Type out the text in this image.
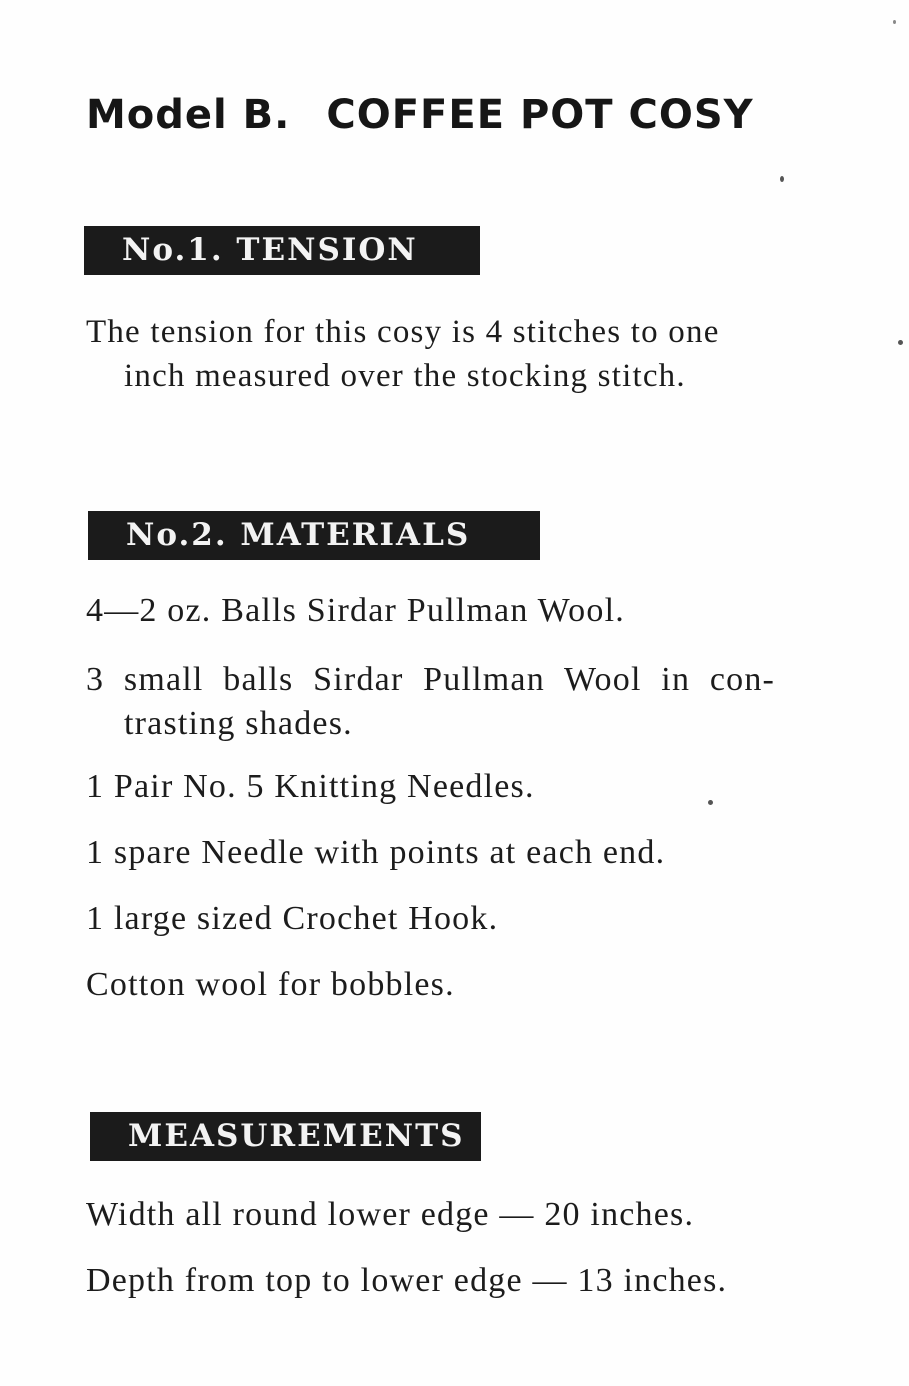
Model B. COFFEE POT COSY
No.1. TENSION
The tension for this cosy is 4 stitches to one
inch measured over the stocking stitch.
No.2. MATERIALS
4—2 oz. Balls Sirdar Pullman Wool.
3 small balls Sirdar Pullman Wool in con-
trasting shades.
1 Pair No. 5 Knitting Needles.
1 spare Needle with points at each end.
1 large sized Crochet Hook.
Cotton wool for bobbles.
MEASUREMENTS
Width all round lower edge — 20 inches.
Depth from top to lower edge — 13 inches.
